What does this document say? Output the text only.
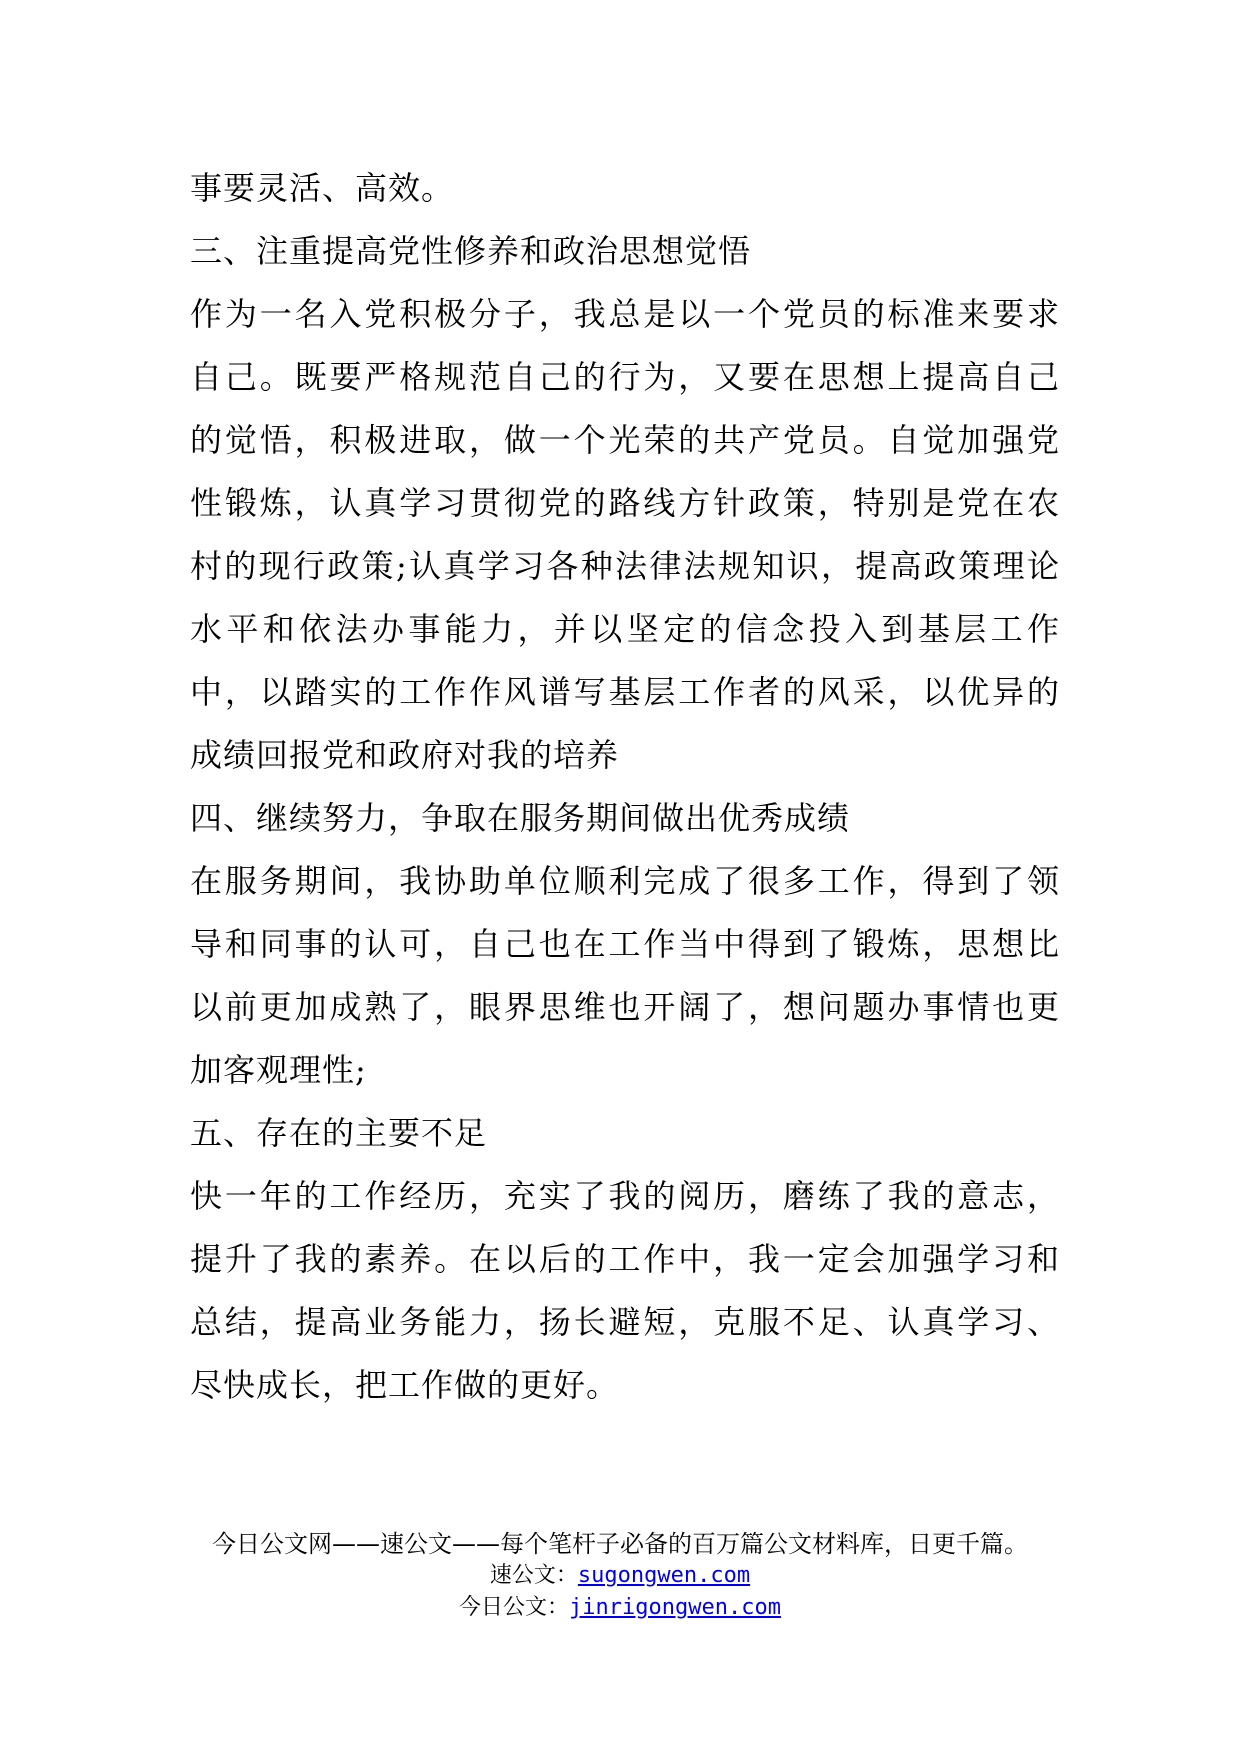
事要灵活、高效。
三、注重提高党性修养和政治思想觉悟
作为一名入党积极分子，我总是以一个党员的标准来要求
自己。既要严格规范自己的行为，又要在思想上提高自己
的觉悟，积极进取，做一个光荣的共产党员。自觉加强党
性锻炼，认真学习贯彻党的路线方针政策，特别是党在农
村的现行政策;认真学习各种法律法规知识，提高政策理论
水平和依法办事能力，并以坚定的信念投入到基层工作
中，以踏实的工作作风谱写基层工作者的风采，以优异的
成绩回报党和政府对我的培养
四、继续努力，争取在服务期间做出优秀成绩
在服务期间，我协助单位顺利完成了很多工作，得到了领
导和同事的认可，自己也在工作当中得到了锻炼，思想比
以前更加成熟了，眼界思维也开阔了，想问题办事情也更
加客观理性;
五、存在的主要不足
快一年的工作经历，充实了我的阅历，磨练了我的意志，
提升了我的素养。在以后的工作中，我一定会加强学习和
总结，提高业务能力，扬长避短，克服不足、认真学习、
尽快成长，把工作做的更好。
今日公文网——速公文——每个笔杆子必备的百万篇公文材料库，日更千篇。
速公文：sugongwen.com
今日公文：jinrigongwen.com
